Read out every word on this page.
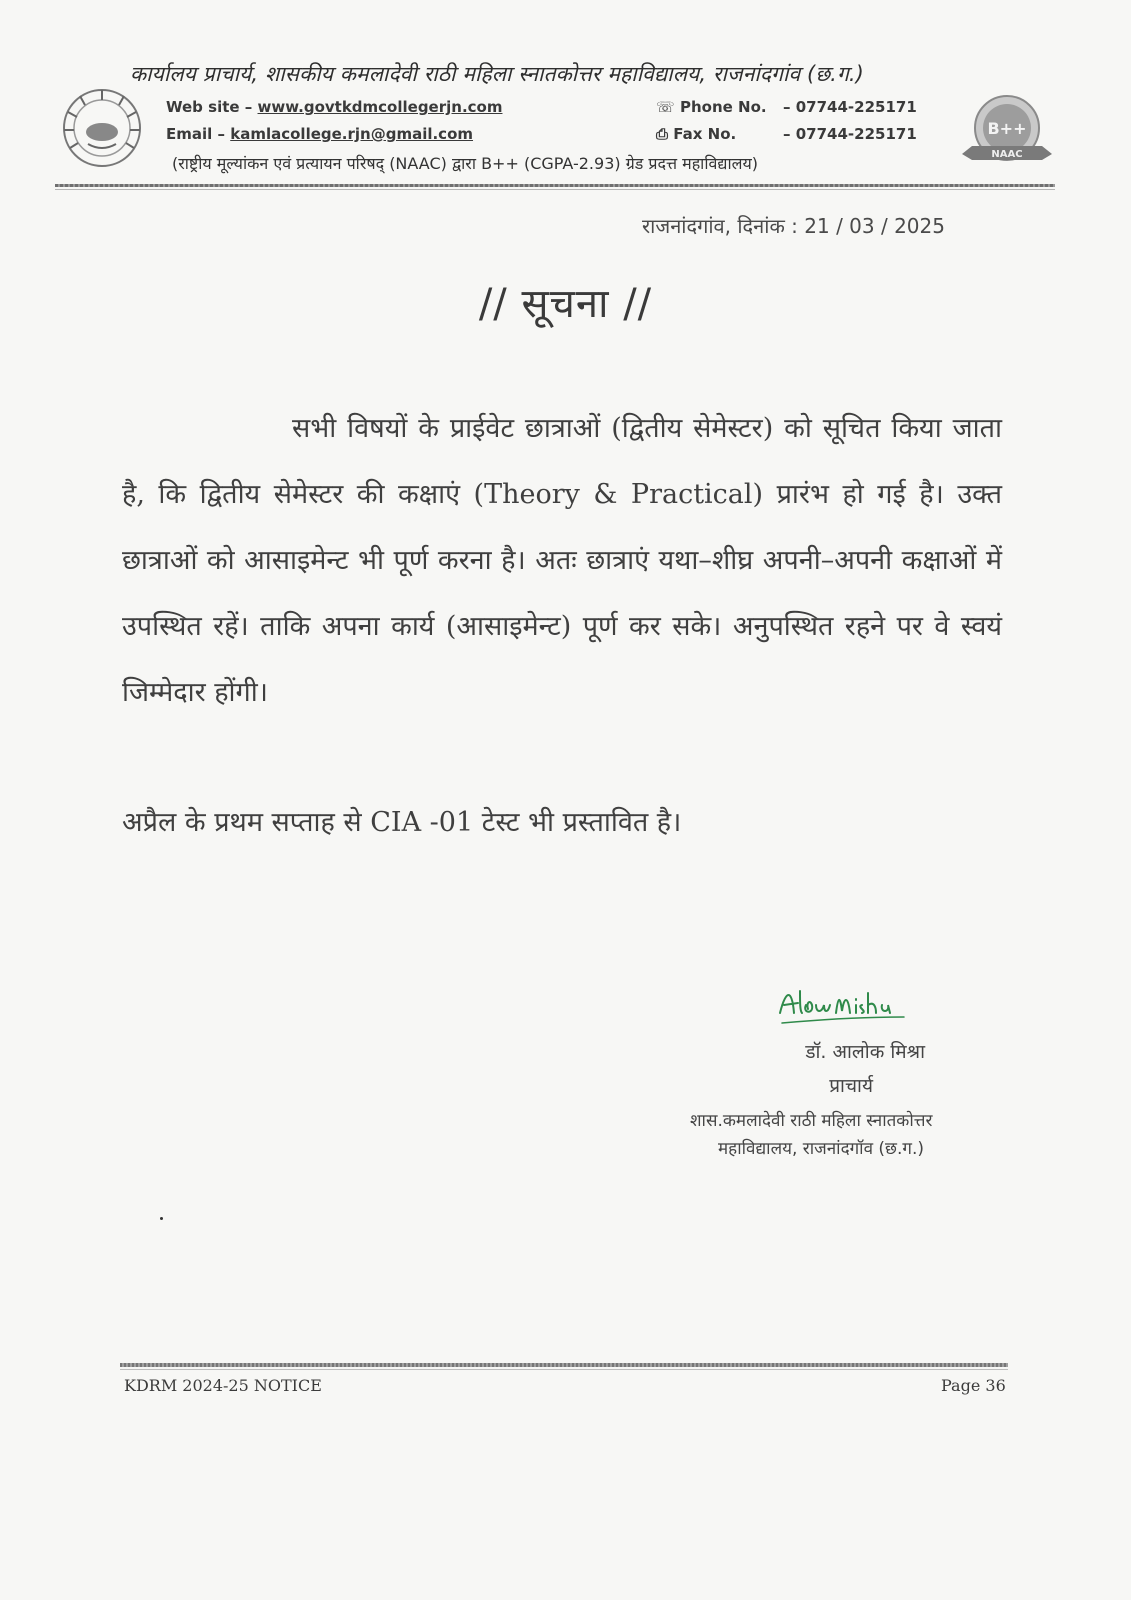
कार्यालय प्राचार्य, शासकीय कमलादेवी राठी महिला स्नातकोत्तर महाविद्यालय, राजनांदगांव (छ.ग.)
Web site – www.govtkdmcollegerjn.com
Email – kamlacollege.rjn@gmail.com
☏ Phone No. – 07744-225171
⎙ Fax No.	– 07744-225171
(राष्ट्रीय मूल्यांकन एवं प्रत्यायन परिषद् (NAAC) द्वारा B++ (CGPA-2.93) ग्रेड प्रदत्त महाविद्यालय)
B++
NAAC
राजनांदगांव, दिनांक : 21 / 03 / 2025
// सूचना //
सभी विषयों के प्राईवेट छात्राओं (द्वितीय सेमेस्टर) को सूचित किया जाता है, कि द्वितीय सेमेस्टर की कक्षाएं (Theory & Practical) प्रारंभ हो गई है। उक्त छात्राओं को आसाइमेन्ट भी पूर्ण करना है। अतः छात्राएं यथा–शीघ्र अपनी–अपनी कक्षाओं में उपस्थित रहें। ताकि अपना कार्य (आसाइमेन्ट) पूर्ण कर सके। अनुपस्थित रहने पर वे स्वयं जिम्मेदार होंगी।
अप्रैल के प्रथम सप्ताह से CIA -01 टेस्ट भी प्रस्तावित है।
डॉ. आलोक मिश्रा
प्राचार्य
शास.कमलादेवी राठी महिला स्नातकोत्तर
महाविद्यालय, राजनांदगॉव (छ.ग.)
KDRM 2024-25 NOTICE	Page 36
